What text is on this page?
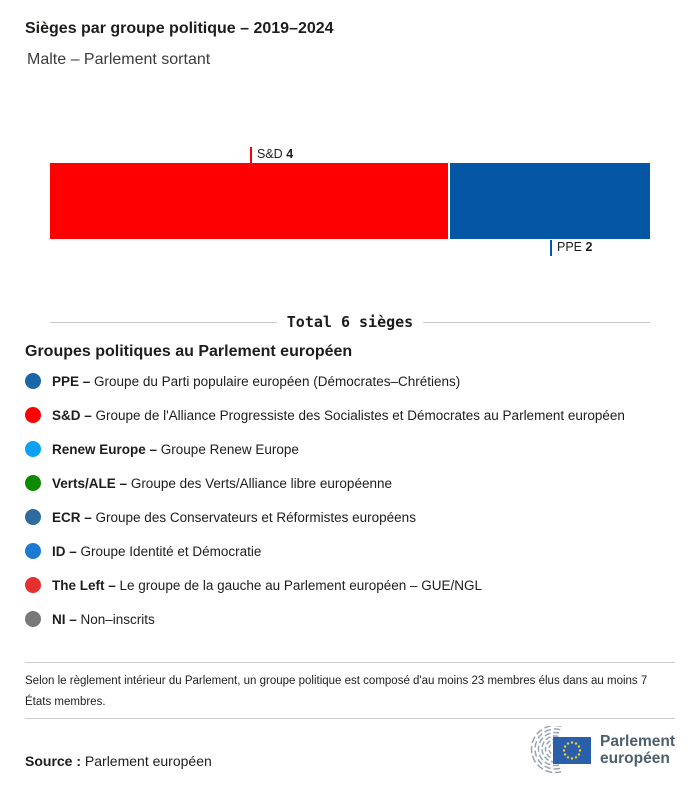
Sièges par groupe politique – 2019–2024
Malte – Parlement sortant
S&D 4
PPE 2
Total 6 sièges
Groupes politiques au Parlement européen
PPE – Groupe du Parti populaire européen (Démocrates–Chrétiens)
S&D – Groupe de l'Alliance Progressiste des Socialistes et Démocrates au Parlement européen
Renew Europe – Groupe Renew Europe
Verts/ALE – Groupe des Verts/Alliance libre européenne
ECR – Groupe des Conservateurs et Réformistes européens
ID – Groupe Identité et Démocratie
The Left – Le groupe de la gauche au Parlement européen – GUE/NGL
NI – Non–inscrits

Selon le règlement intérieur du Parlement, un groupe politique est composé d'au moins 23 membres élus dans au moins 7 États membres.

Source : Parlement européen

Parlement
européen
